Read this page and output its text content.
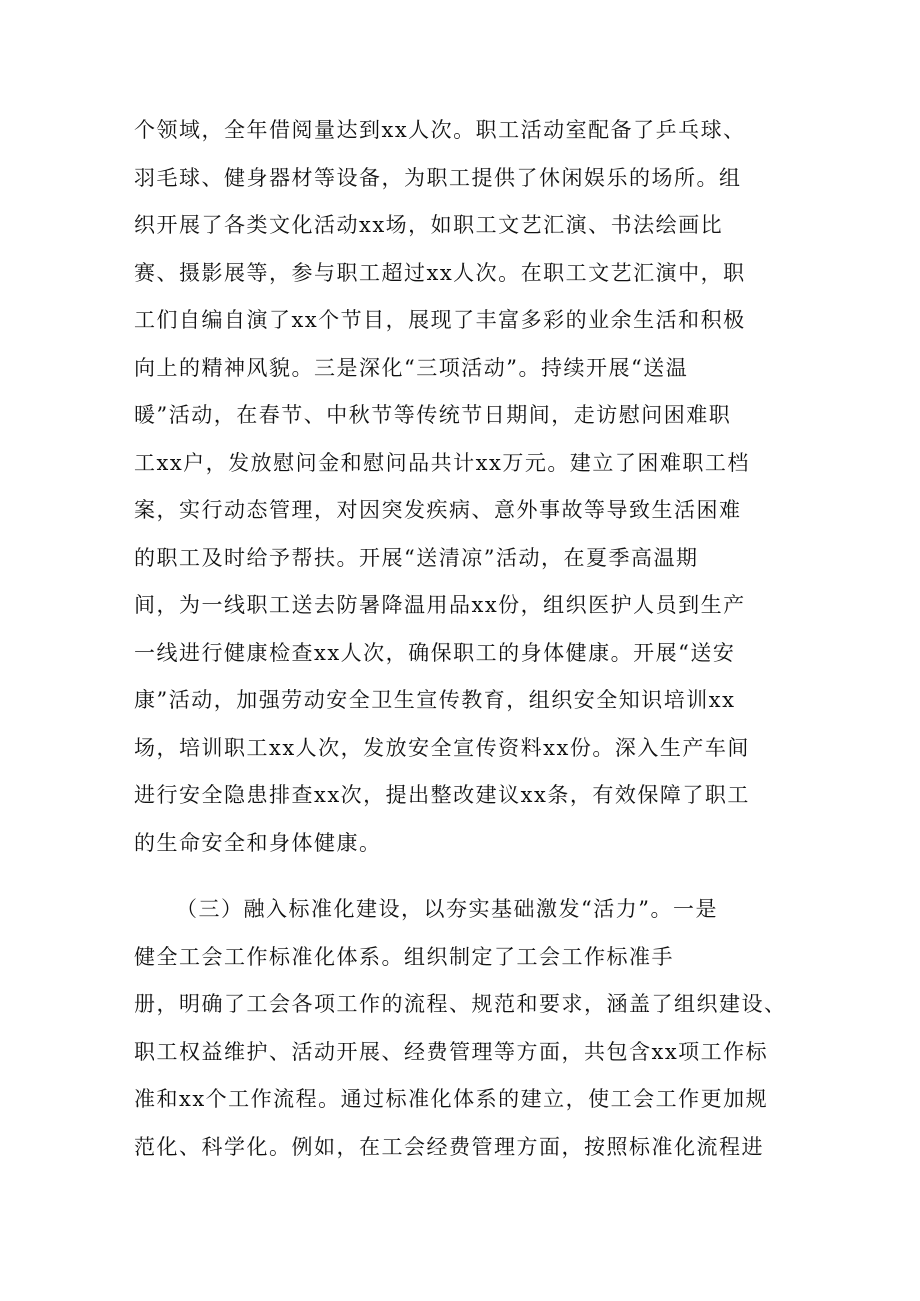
个领域，全年借阅量达到xx人次。职工活动室配备了乒乓球、
羽毛球、健身器材等设备，为职工提供了休闲娱乐的场所。组
织开展了各类文化活动xx场，如职工文艺汇演、书法绘画比
赛、摄影展等，参与职工超过xx人次。在职工文艺汇演中，职
工们自编自演了xx个节目，展现了丰富多彩的业余生活和积极
向上的精神风貌。三是深化“三项活动”。持续开展“送温
暖”活动，在春节、中秋节等传统节日期间，走访慰问困难职
工xx户，发放慰问金和慰问品共计xx万元。建立了困难职工档
案，实行动态管理，对因突发疾病、意外事故等导致生活困难
的职工及时给予帮扶。开展“送清凉”活动，在夏季高温期
间，为一线职工送去防暑降温用品xx份，组织医护人员到生产
一线进行健康检查xx人次，确保职工的身体健康。开展“送安
康”活动，加强劳动安全卫生宣传教育，组织安全知识培训xx
场，培训职工xx人次，发放安全宣传资料xx份。深入生产车间
进行安全隐患排查xx次，提出整改建议xx条，有效保障了职工
的生命安全和身体健康。
（三）融入标准化建设，以夯实基础激发“活力”。一是
健全工会工作标准化体系。组织制定了工会工作标准手
册，明确了工会各项工作的流程、规范和要求，涵盖了组织建设、
职工权益维护、活动开展、经费管理等方面，共包含xx项工作标
准和xx个工作流程。通过标准化体系的建立，使工会工作更加规
范化、科学化。例如，在工会经费管理方面，按照标准化流程进
